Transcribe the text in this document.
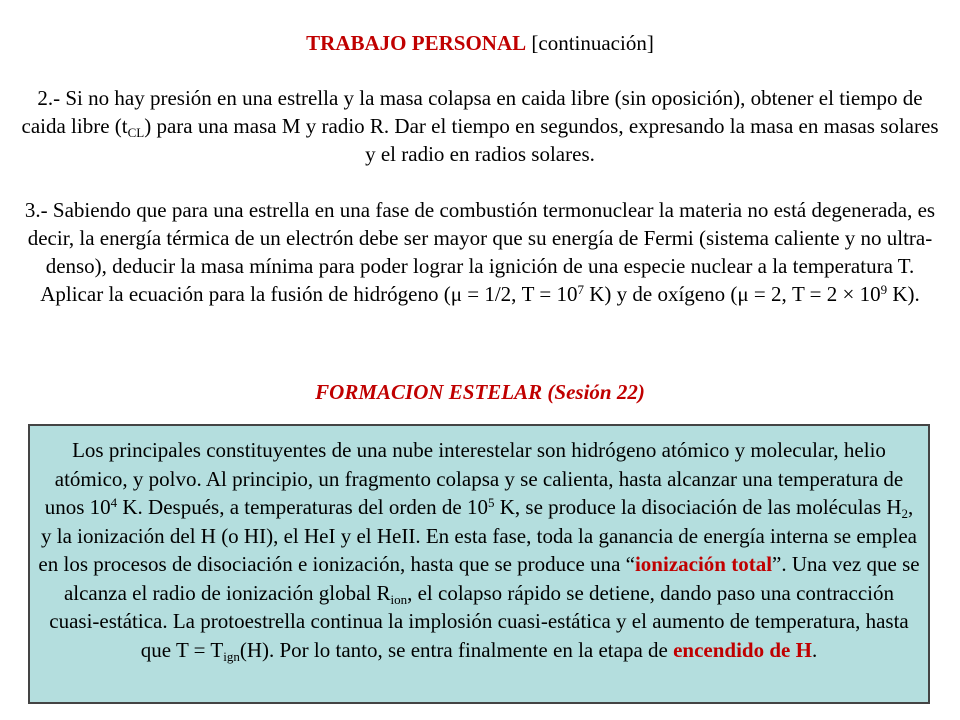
TRABAJO PERSONAL [continuación]
2.- Si no hay presión en una estrella y la masa colapsa en caida libre (sin oposición), obtener el tiempo de caida libre $(t_{CL})$ para una masa M y radio R. Dar el tiempo en segundos, expresando la masa en masas solares y el radio en radios solares.
3.- Sabiendo que para una estrella en una fase de combustión termonuclear la materia no está degenerada, es decir, la energía térmica de un electrón debe ser mayor que su energía de Fermi (sistema caliente y no ultra-denso), deducir la masa mínima para poder lograr la ignición de una especie nuclear a la temperatura T. Aplicar la ecuación para la fusión de hidrógeno (μ = 1/2, $T = 10^7$ K) y de oxígeno (μ = 2, $T = 2 \times 10^9$ K).
FORMACION ESTELAR (Sesión 22)
Los principales constituyentes de una nube interestelar son hidrógeno atómico y molecular, helio atómico, y polvo. Al principio, un fragmento colapsa y se calienta, hasta alcanzar una temperatura de unos $10^4$ K. Después, a temperaturas del orden de $10^5$ K, se produce la disociación de las moléculas $H_2$, y la ionización del H (o HI), el HeI y el HeII. En esta fase, toda la ganancia de energía interna se emplea en los procesos de disociación e ionización, hasta que se produce una “ionización total”. Una vez que se alcanza el radio de ionización global $R_{ion}$, el colapso rápido se detiene, dando paso una contracción cuasi-estática. La protoestrella continua la implosión cuasi-estática y el aumento de temperatura, hasta que $T = T_{ign}(H)$. Por lo tanto, se entra finalmente en la etapa de encendido de H.
